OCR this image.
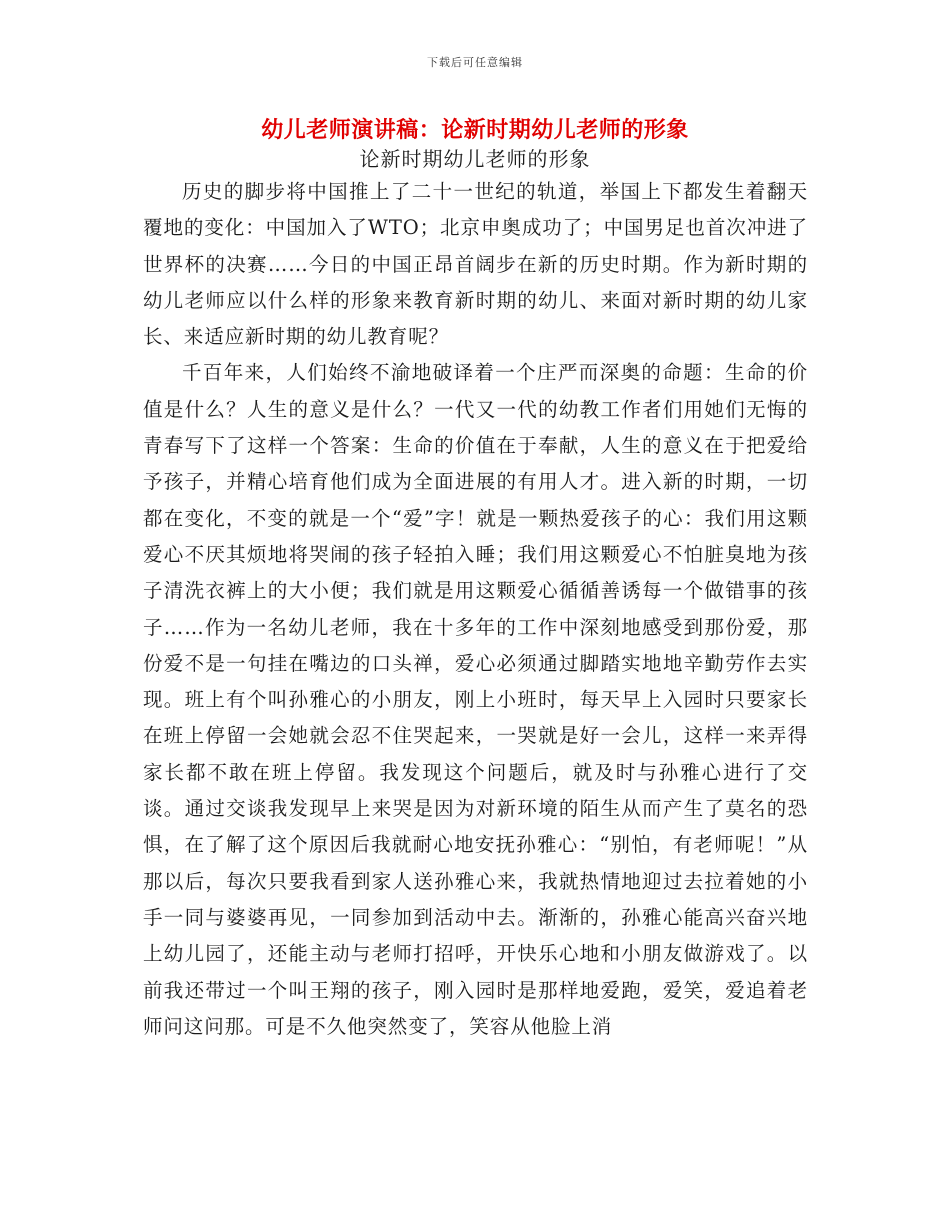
下载后可任意编辑
幼儿老师演讲稿：论新时期幼儿老师的形象
论新时期幼儿老师的形象

历史的脚步将中国推上了二十一世纪的轨道，举国上下都发生着翻天覆地的变化：中国加入了WTO；北京申奥成功了；中国男足也首次冲进了世界杯的决赛……今日的中国正昂首阔步在新的历史时期。作为新时期的幼儿老师应以什么样的形象来教育新时期的幼儿、来面对新时期的幼儿家长、来适应新时期的幼儿教育呢？

千百年来，人们始终不渝地破译着一个庄严而深奥的命题：生命的价值是什么？人生的意义是什么？一代又一代的幼教工作者们用她们无悔的青春写下了这样一个答案：生命的价值在于奉献，人生的意义在于把爱给予孩子，并精心培育他们成为全面进展的有用人才。进入新的时期，一切都在变化，不变的就是一个“爱”字！就是一颗热爱孩子的心：我们用这颗爱心不厌其烦地将哭闹的孩子轻拍入睡；我们用这颗爱心不怕脏臭地为孩子清洗衣裤上的大小便；我们就是用这颗爱心循循善诱每一个做错事的孩子……作为一名幼儿老师，我在十多年的工作中深刻地感受到那份爱，那份爱不是一句挂在嘴边的口头禅，爱心必须通过脚踏实地地辛勤劳作去实现。班上有个叫孙雅心的小朋友，刚上小班时，每天早上入园时只要家长在班上停留一会她就会忍不住哭起来，一哭就是好一会儿，这样一来弄得家长都不敢在班上停留。我发现这个问题后，就及时与孙雅心进行了交谈。通过交谈我发现早上来哭是因为对新环境的陌生从而产生了莫名的恐惧，在了解了这个原因后我就耐心地安抚孙雅心：“别怕，有老师呢！”从那以后，每次只要我看到家人送孙雅心来，我就热情地迎过去拉着她的小手一同与婆婆再见，一同参加到活动中去。渐渐的，孙雅心能高兴奋兴地上幼儿园了，还能主动与老师打招呼，开快乐心地和小朋友做游戏了。以前我还带过一个叫王翔的孩子，刚入园时是那样地爱跑，爱笑，爱追着老师问这问那。可是不久他突然变了，笑容从他脸上消
